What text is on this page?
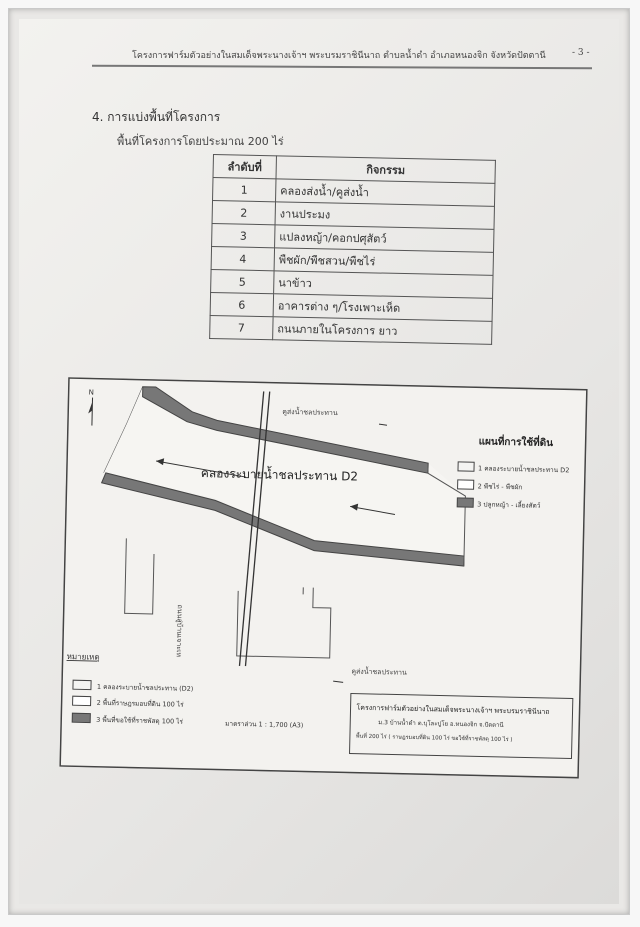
โครงการฟาร์มตัวอย่างในสมเด็จพระนางเจ้าฯ พระบรมราชินีนาถ ตำบลน้ำดำ อำเภอหนองจิก จังหวัดปัตตานี	- 3 -
4. การแบ่งพื้นที่โครงการ
พื้นที่โครงการโดยประมาณ 200 ไร่
ลำดับที่	กิจกรรม
1	คลองส่งน้ำ/คูส่งน้ำ
2	งานประมง
3	แปลงหญ้า/คอกปศุสัตว์
4	พืชผัก/พืชสวน/พืชไร่
5	นาข้าว
6	อาคารต่าง ๆ/โรงเพาะเห็ด
7	ถนนภายในโครงการ ยาว
N
คูส่งน้ำชลประทาน
คลองระบายน้ำชลประทาน D2
ถนนสู่บ้านเจาะเห
คูส่งน้ำชลประทาน
แผนที่การใช้ที่ดิน
1 คลองระบายน้ำชลประทาน D2
2 พืชไร่ - พืชผัก
3 ปลูกหญ้า - เลี้ยงสัตว์
หมายเหตุ
1 คลองระบายน้ำชลประทาน (D2)
2 พื้นที่ราษฎรมอบที่ดิน 100 ไร่
3 พื้นที่ขอใช้ที่ราชพัสดุ 100 ไร่	มาตราส่วน 1 : 1,700 (A3)
โครงการฟาร์มตัวอย่างในสมเด็จพระนางเจ้าฯ พระบรมราชินีนาถ
ม.3 บ้านน้ำดำ ต.บุโละปูโย อ.หนองจิก จ.ปัตตานี
พื้นที่ 200 ไร่ ( ราษฎรมอบที่ดิน 100 ไร่ ขอใช้ที่ราชพัสดุ 100 ไร่ )
